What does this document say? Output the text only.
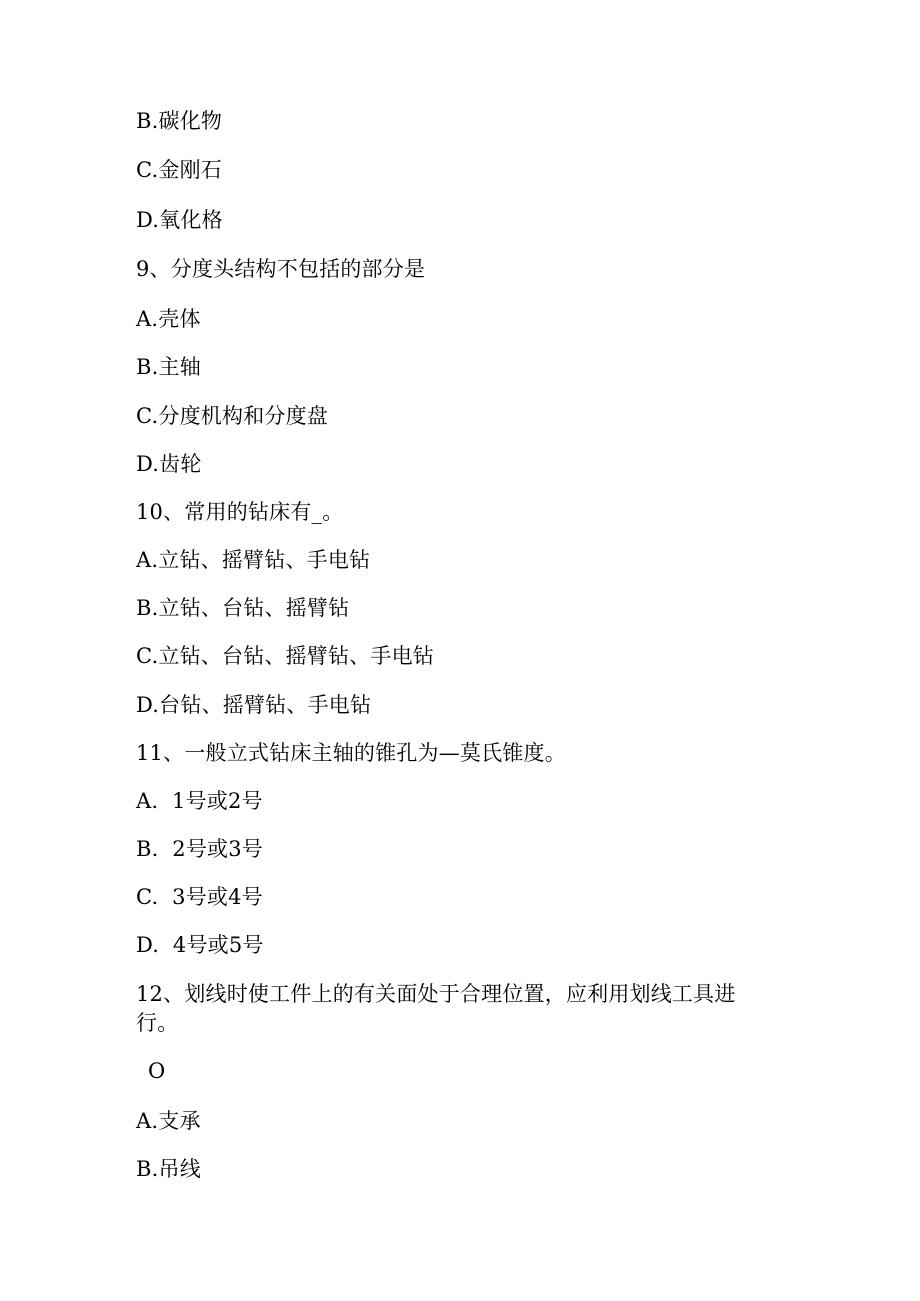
B.碳化物
C.金刚石
D.氧化格
9、分度头结构不包括的部分是
A.壳体
B.主轴
C.分度机构和分度盘
D.齿轮
10、常用的钻床有_。
A.立钻、摇臂钻、手电钻
B.立钻、台钻、摇臂钻
C.立钻、台钻、摇臂钻、手电钻
D.台钻、摇臂钻、手电钻
11、一般立式钻床主轴的锥孔为—莫氏锥度。
A.  1号或2号
B.  2号或3号
C.  3号或4号
D.  4号或5号
12、划线时使工件上的有关面处于合理位置，应利用划线工具进行。
O
A.支承
B.吊线
